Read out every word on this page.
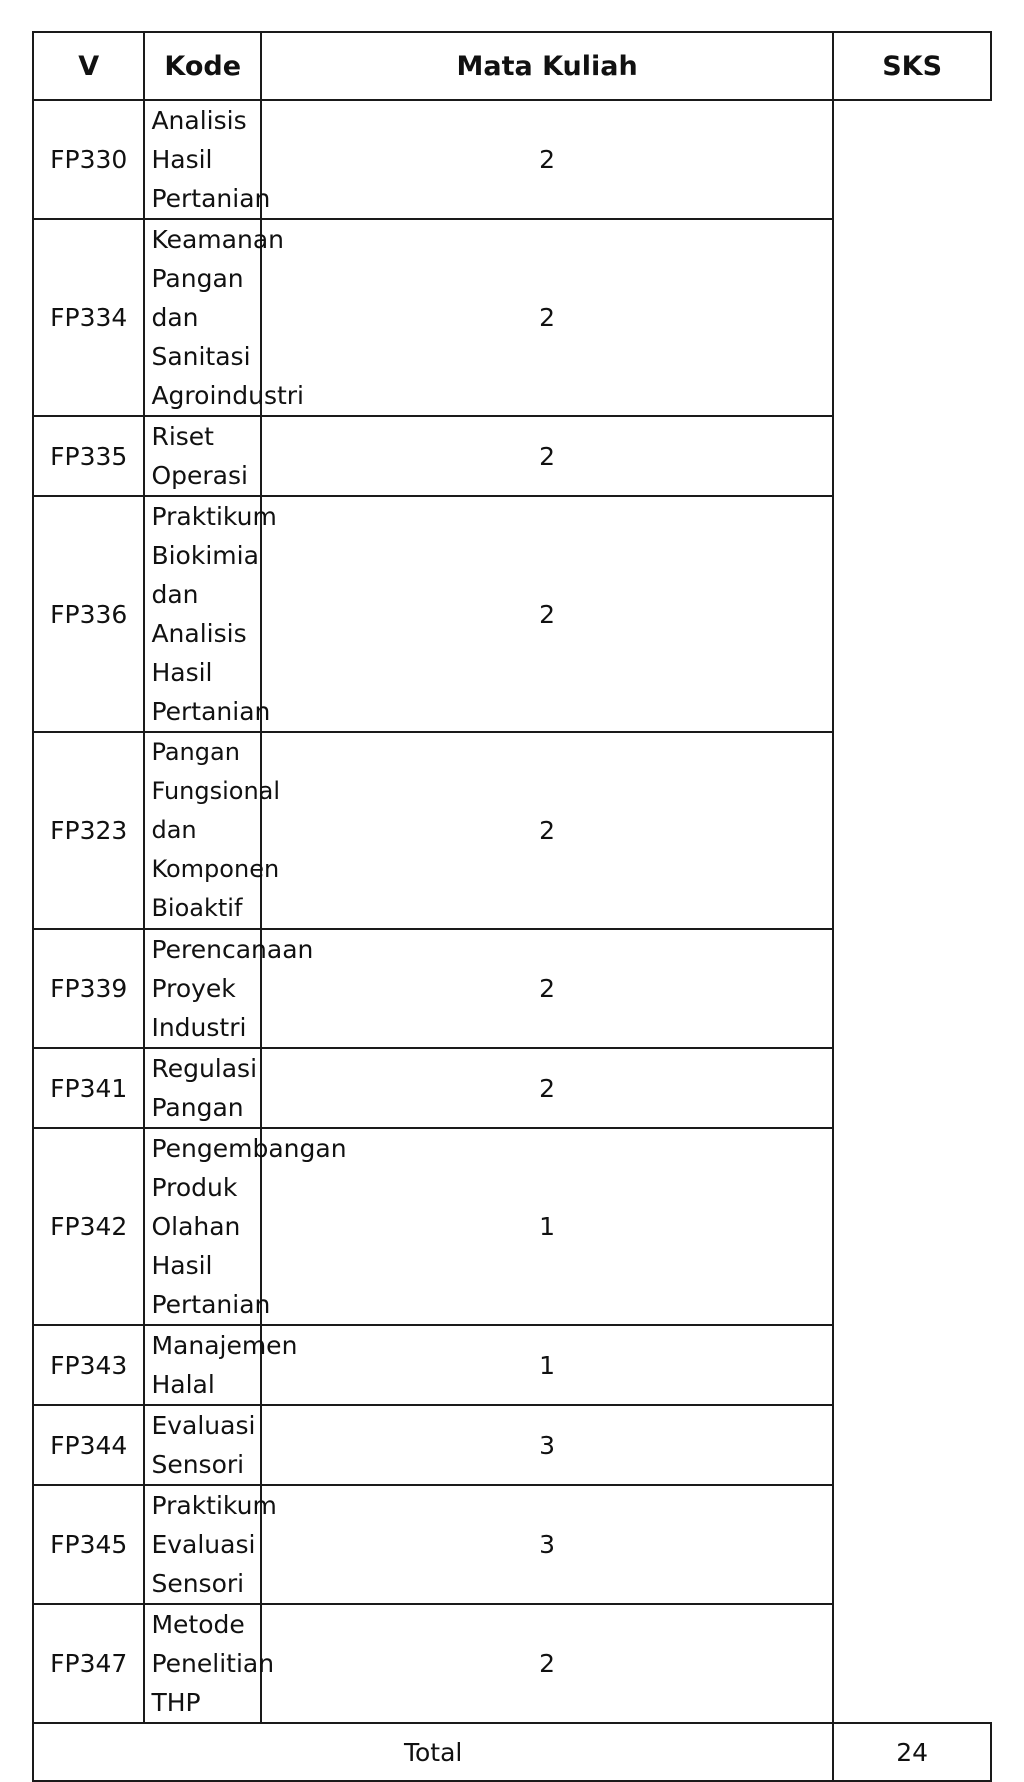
V	Kode	Mata Kuliah	SKS
FP330	Analisis Hasil Pertanian	2	
FP334	Keamanan Pangan dan Sanitasi Agroindustri	2	
FP335	Riset Operasi	2	
FP336	Praktikum Biokimia dan Analisis Hasil Pertanian	2	
FP323	Pangan Fungsional dan Komponen Bioaktif	2	
FP339	Perencanaan Proyek Industri	2	
FP341	Regulasi Pangan	2	
FP342	Pengembangan Produk Olahan Hasil Pertanian	1	
FP343	Manajemen Halal	1	
FP344	Evaluasi Sensori	3	
FP345	Praktikum Evaluasi Sensori	3	
FP347	Metode Penelitian THP	2	
Total			24
